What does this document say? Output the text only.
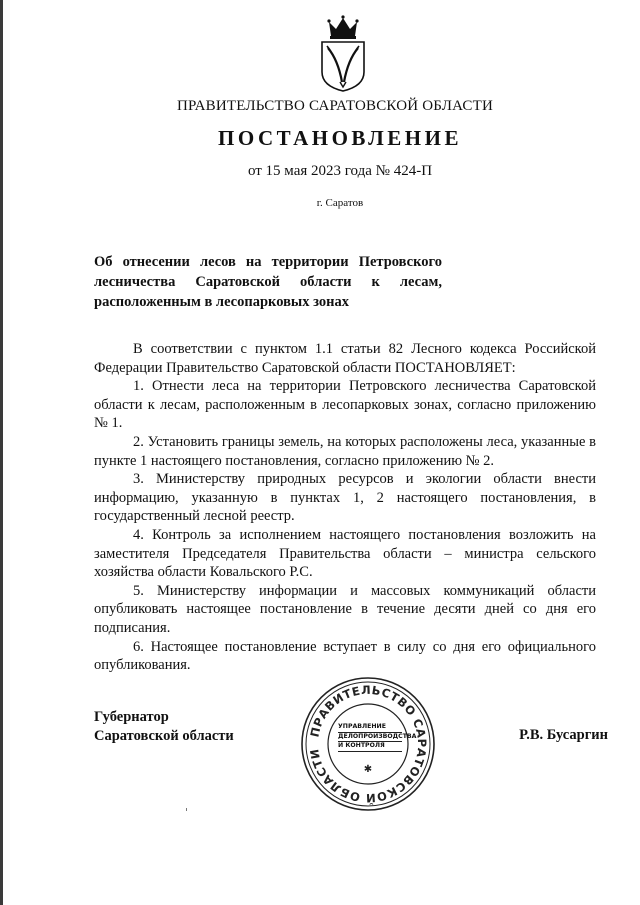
ПРАВИТЕЛЬСТВО САРАТОВСКОЙ ОБЛАСТИ
ПОСТАНОВЛЕНИЕ
от 15 мая 2023 года № 424-П
г. Саратов
Об отнесении лесов на территории Петровского
лесничества Саратовской области к лесам,
расположенным в лесопарковых зонах

В соответствии с пунктом 1.1 статьи 82 Лесного кодекса Российской Федерации Правительство Саратовской области ПОСТАНОВЛЯЕТ:

1. Отнести леса на территории Петровского лесничества Саратовской области к лесам, расположенным в лесопарковых зонах, согласно приложению № 1.

2. Установить границы земель, на которых расположены леса, указанные в пункте 1 настоящего постановления, согласно приложению № 2.

3. Министерству природных ресурсов и экологии области внести информацию, указанную в пунктах 1, 2 настоящего постановления, в государственный лесной реестр.

4. Контроль за исполнением настоящего постановления возложить на заместителя Председателя Правительства области – министра сельского хозяйства области Ковальского Р.С.

5. Министерству информации и массовых коммуникаций области опубликовать настоящее постановление в течение десяти дней со дня его подписания.

6. Настоящее постановление вступает в силу со дня его официального опубликования.

Губернатор
Саратовской области	Р.В. Бусаргин
ПРАВИТЕЛЬСТВО САРАТОВСКОЙ ОБЛАСТИ
✱
УПРАВЛЕНИЕ
ДЕЛОПРОИЗВОДСТВА
И КОНТРОЛЯ
